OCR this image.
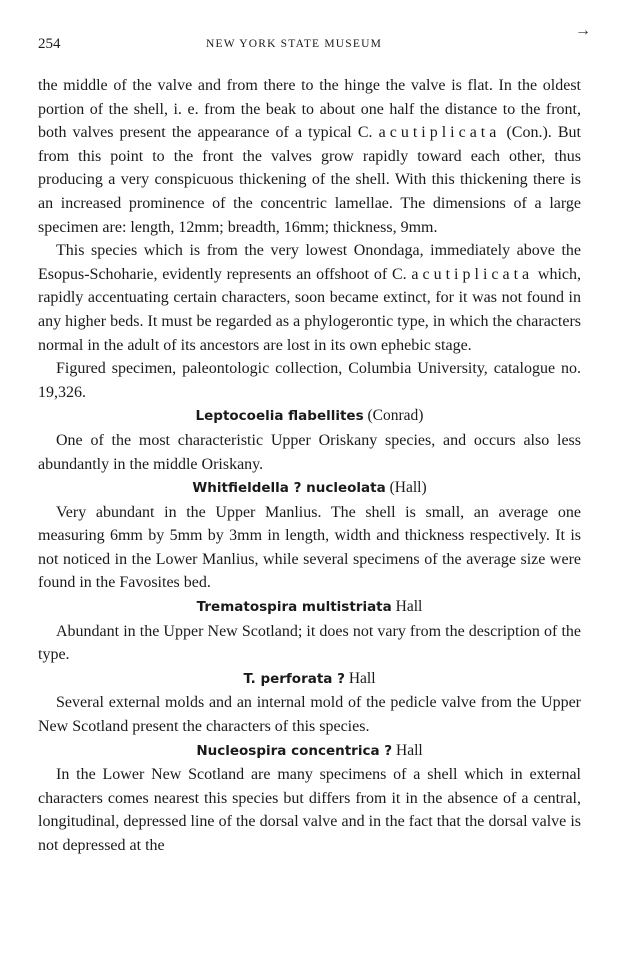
254	NEW YORK STATE MUSEUM
→

the middle of the valve and from there to the hinge the valve is flat. In the oldest portion of the shell, i. e. from the beak to about one half the distance to the front, both valves present the appearance of a typical C. acutiplicata (Con.). But from this point to the front the valves grow rapidly toward each other, thus producing a very conspicuous thickening of the shell. With this thickening there is an increased prominence of the concentric lamellae. The dimensions of a large specimen are: length, 12mm; breadth, 16mm; thickness, 9mm.

This species which is from the very lowest Onondaga, immediately above the Esopus-Schoharie, evidently represents an offshoot of C. acutiplicata which, rapidly accentuating certain characters, soon became extinct, for it was not found in any higher beds. It must be regarded as a phylogerontic type, in which the characters normal in the adult of its ancestors are lost in its own ephebic stage.

Figured specimen, paleontologic collection, Columbia University, catalogue no. 19,326.

Leptocoelia flabellites (Conrad)

One of the most characteristic Upper Oriskany species, and occurs also less abundantly in the middle Oriskany.

Whitfieldella ? nucleolata (Hall)

Very abundant in the Upper Manlius. The shell is small, an average one measuring 6mm by 5mm by 3mm in length, width and thickness respectively. It is not noticed in the Lower Manlius, while several specimens of the average size were found in the Favosites bed.

Trematospira multistriata Hall

Abundant in the Upper New Scotland; it does not vary from the description of the type.

T. perforata ? Hall

Several external molds and an internal mold of the pedicle valve from the Upper New Scotland present the characters of this species.

Nucleospira concentrica ? Hall

In the Lower New Scotland are many specimens of a shell which in external characters comes nearest this species but differs from it in the absence of a central, longitudinal, depressed line of the dorsal valve and in the fact that the dorsal valve is not depressed at the
